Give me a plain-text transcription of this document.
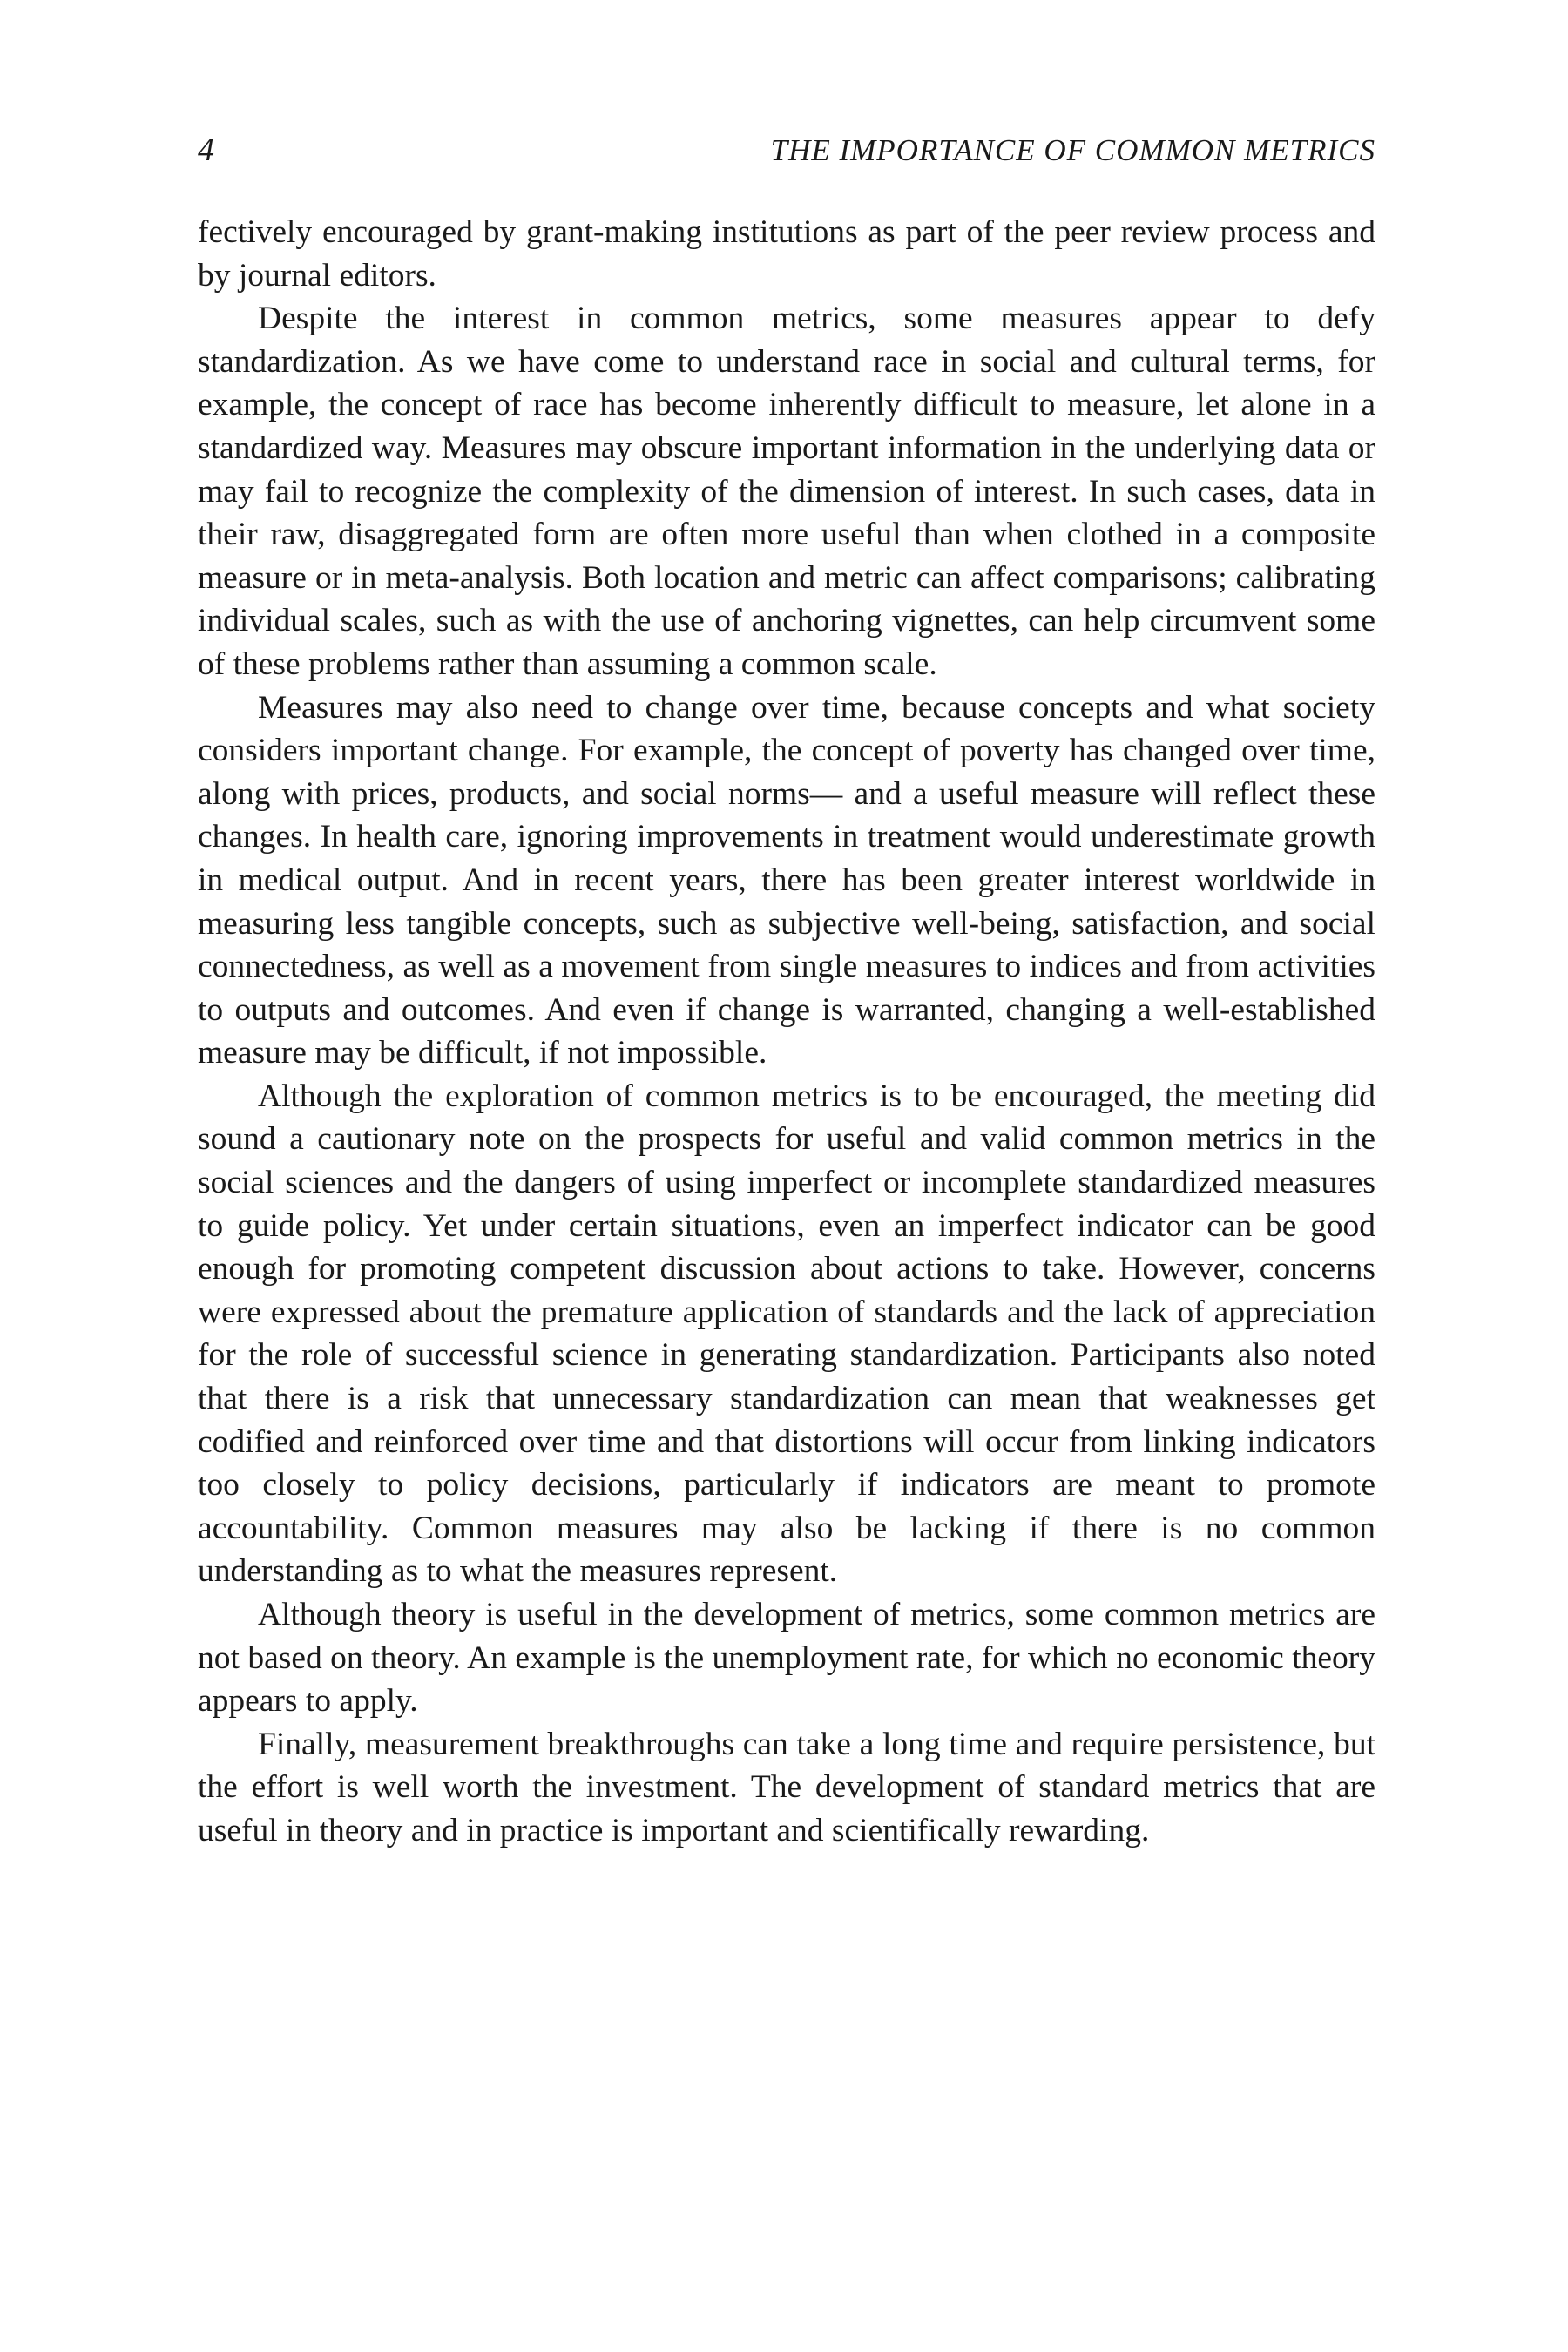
4	THE IMPORTANCE OF COMMON METRICS

fectively encouraged by grant-making institutions as part of the peer review process and by journal editors.

Despite the interest in common metrics, some measures appear to defy standardization. As we have come to understand race in social and cultural terms, for example, the concept of race has become inherently difficult to measure, let alone in a standardized way. Measures may obscure important information in the underlying data or may fail to recognize the complexity of the dimension of interest. In such cases, data in their raw, disaggregated form are often more useful than when clothed in a composite measure or in meta-analysis. Both location and metric can affect comparisons; calibrating individual scales, such as with the use of anchoring vignettes, can help circumvent some of these problems rather than assuming a common scale.

Measures may also need to change over time, because concepts and what society considers important change. For example, the concept of poverty has changed over time, along with prices, products, and social norms— and a useful measure will reflect these changes. In health care, ignoring improvements in treatment would underestimate growth in medical output. And in recent years, there has been greater interest worldwide in measuring less tangible concepts, such as subjective well-being, satisfaction, and social connectedness, as well as a movement from single measures to indices and from activities to outputs and outcomes. And even if change is warranted, changing a well-established measure may be difficult, if not impossible.

Although the exploration of common metrics is to be encouraged, the meeting did sound a cautionary note on the prospects for useful and valid common metrics in the social sciences and the dangers of using imperfect or incomplete standardized measures to guide policy. Yet under certain situations, even an imperfect indicator can be good enough for promoting competent discussion about actions to take. However, concerns were expressed about the premature application of standards and the lack of appreciation for the role of successful science in generating standardization. Participants also noted that there is a risk that unnecessary standardization can mean that weaknesses get codified and reinforced over time and that distortions will occur from linking indicators too closely to policy decisions, particularly if indicators are meant to promote accountability. Common measures may also be lacking if there is no common understanding as to what the measures represent.

Although theory is useful in the development of metrics, some common metrics are not based on theory. An example is the unemployment rate, for which no economic theory appears to apply.

Finally, measurement breakthroughs can take a long time and require persistence, but the effort is well worth the investment. The development of standard metrics that are useful in theory and in practice is important and scientifically rewarding.
